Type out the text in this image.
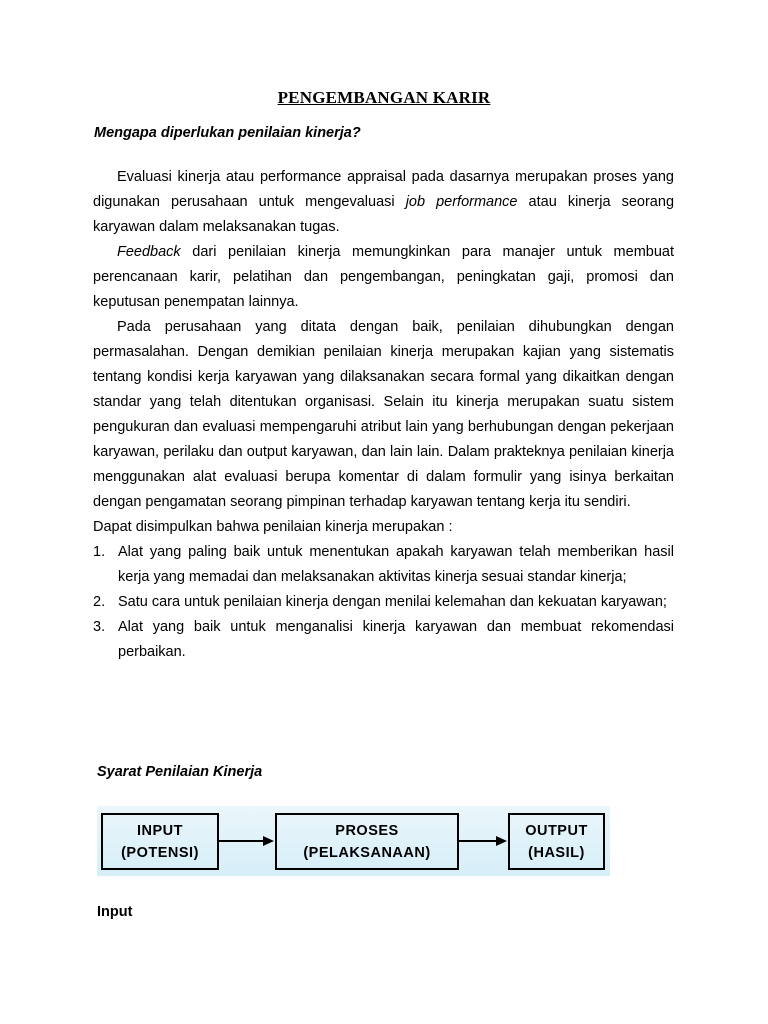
PENGEMBANGAN KARIR
Mengapa diperlukan penilaian kinerja?

Evaluasi kinerja atau performance appraisal pada dasarnya merupakan proses yang digunakan perusahaan untuk mengevaluasi job performance atau kinerja seorang karyawan dalam melaksanakan tugas.

Feedback dari penilaian kinerja memungkinkan para manajer untuk membuat perencanaan karir, pelatihan dan pengembangan, peningkatan gaji, promosi dan keputusan penempatan lainnya.

Pada perusahaan yang ditata dengan baik, penilaian dihubungkan dengan permasalahan. Dengan demikian penilaian kinerja merupakan kajian yang sistematis tentang kondisi kerja karyawan yang dilaksanakan secara formal yang dikaitkan dengan standar yang telah ditentukan organisasi. Selain itu kinerja merupakan suatu sistem pengukuran dan evaluasi mempengaruhi atribut lain yang berhubungan dengan pekerjaan karyawan, perilaku dan output karyawan, dan lain lain. Dalam prakteknya penilaian kinerja menggunakan alat evaluasi berupa komentar di dalam formulir yang isinya berkaitan dengan pengamatan seorang pimpinan terhadap karyawan tentang kerja itu sendiri.

Dapat disimpulkan bahwa penilaian kinerja merupakan :

1. Alat yang paling baik untuk menentukan apakah karyawan telah memberikan hasil kerja yang memadai dan melaksanakan aktivitas kinerja sesuai standar kinerja;
2. Satu cara untuk penilaian kinerja dengan menilai kelemahan dan kekuatan karyawan;
3. Alat yang baik untuk menganalisi kinerja karyawan dan membuat rekomendasi perbaikan.
Syarat Penilaian Kinerja
INPUT
(POTENSI)
PROSES
(PELAKSANAAN)
OUTPUT
(HASIL)
Input
